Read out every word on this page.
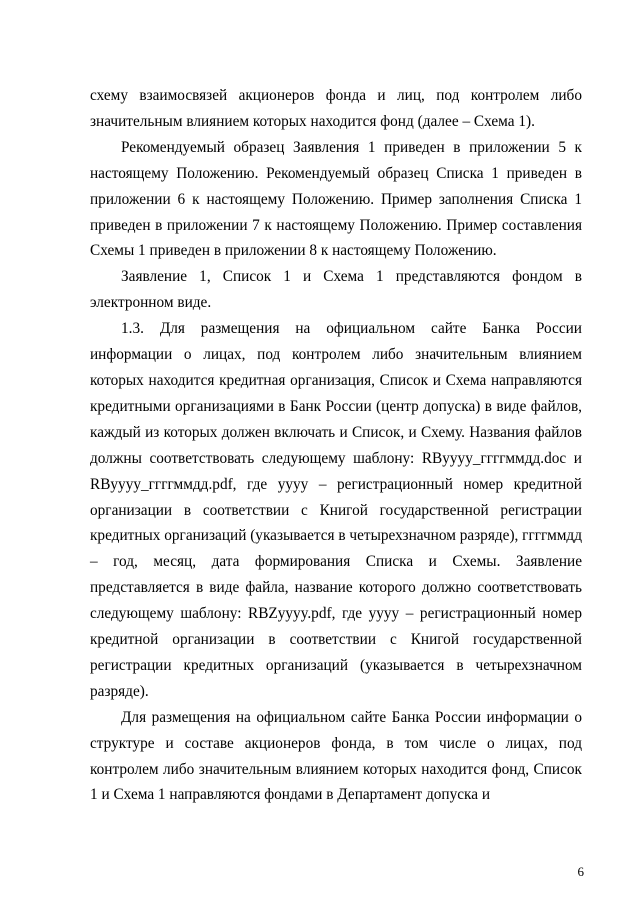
схему взаимосвязей акционеров фонда и лиц, под контролем либо значительным влиянием которых находится фонд (далее – Схема 1).

Рекомендуемый образец Заявления 1 приведен в приложении 5 к настоящему Положению. Рекомендуемый образец Списка 1 приведен в приложении 6 к настоящему Положению. Пример заполнения Списка 1 приведен в приложении 7 к настоящему Положению. Пример составления Схемы 1 приведен в приложении 8 к настоящему Положению.

Заявление 1, Список 1 и Схема 1 представляются фондом в электронном виде.

1.3. Для размещения на официальном сайте Банка России информации о лицах, под контролем либо значительным влиянием которых находится кредитная организация, Список и Схема направляются кредитными организациями в Банк России (центр допуска) в виде файлов, каждый из которых должен включать и Список, и Схему. Названия файлов должны соответствовать следующему шаблону: RByyyy_ггггммдд.doc и RByyyy_ггггммдд.pdf, где yyyy – регистрационный номер кредитной организации в соответствии с Книгой государственной регистрации кредитных организаций (указывается в четырехзначном разряде), ггггммдд – год, месяц, дата формирования Списка и Схемы. Заявление представляется в виде файла, название которого должно соответствовать следующему шаблону: RBZyyyy.pdf, где yyyy – регистрационный номер кредитной организации в соответствии с Книгой государственной регистрации кредитных организаций (указывается в четырехзначном разряде).

Для размещения на официальном сайте Банка России информации о структуре и составе акционеров фонда, в том числе о лицах, под контролем либо значительным влиянием которых находится фонд, Список 1 и Схема 1 направляются фондами в Департамент допуска и

6
